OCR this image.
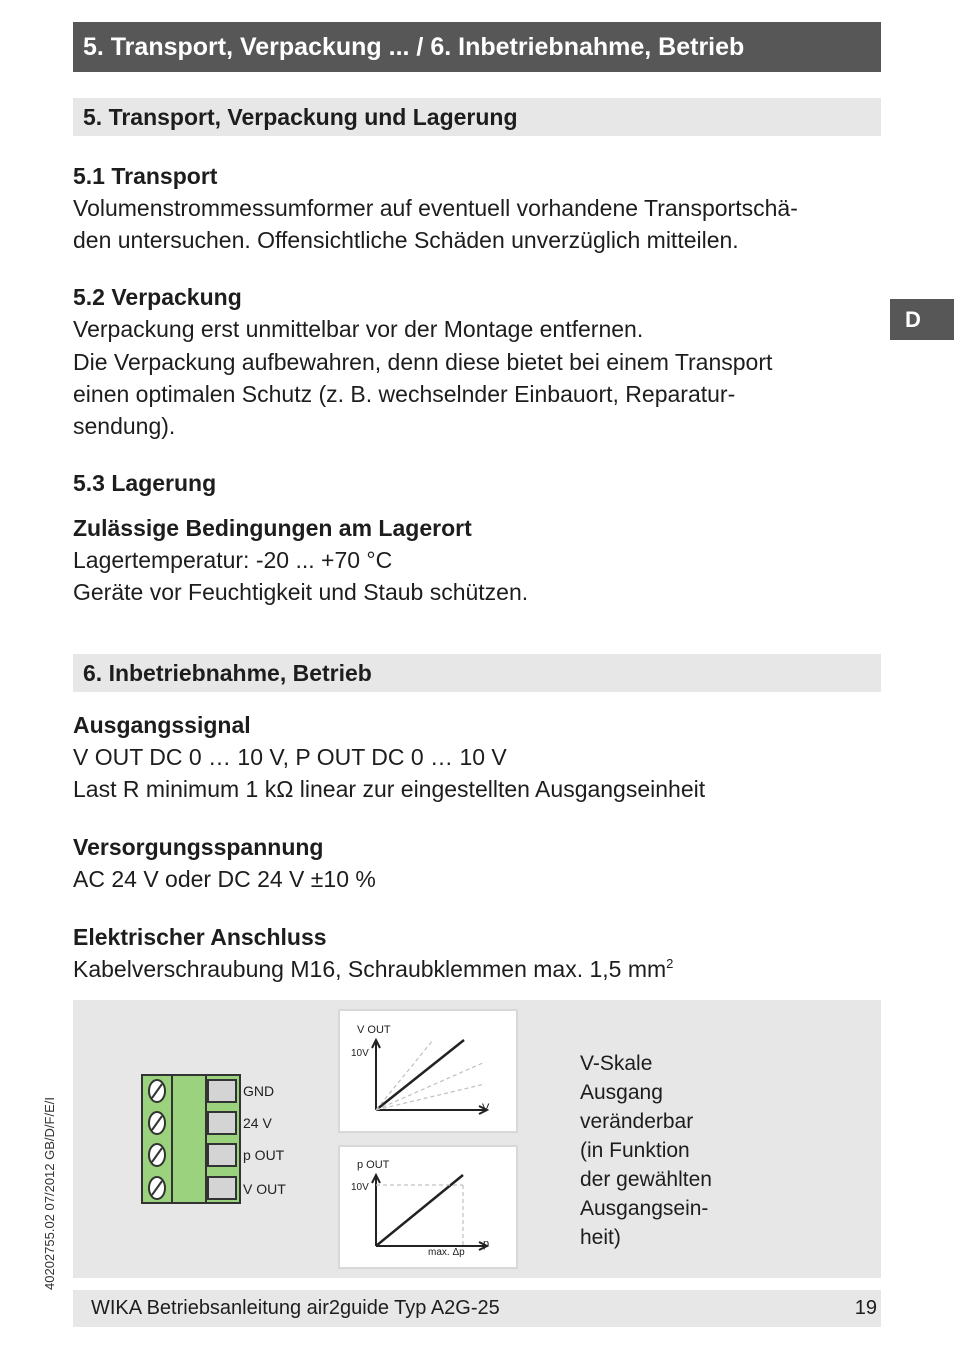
5. Transport, Verpackung ... / 6. Inbetriebnahme, Betrieb
D
40202755.02 07/2012 GB/D/F/E/I
5. Transport, Verpackung und Lagerung
5.1 Transport
Volumenstrommessumformer auf eventuell vorhandene Transportschä-
den untersuchen. Offensichtliche Schäden unverzüglich mitteilen.
5.2 Verpackung
Verpackung erst unmittelbar vor der Montage entfernen.
Die Verpackung aufbewahren, denn diese bietet bei einem Transport
einen optimalen Schutz (z. B. wechselnder Einbauort, Reparatur-
sendung).
5.3 Lagerung
Zulässige Bedingungen am Lagerort
Lagertemperatur: -20 ... +70 °C
Geräte vor Feuchtigkeit und Staub schützen.
6. Inbetriebnahme, Betrieb
Ausgangssignal
V OUT DC 0 … 10 V, P OUT DC 0 … 10 V
Last R minimum 1 kΩ linear zur eingestellten Ausgangseinheit
Versorgungsspannung
AC 24 V oder DC 24 V ±10 %
Elektrischer Anschluss
Kabelverschraubung M16, Schraubklemmen max. 1,5 $mm^2$
GND
24 V
p OUT
V OUT
V OUT
10V
V
p OUT
10V
max. Δp
p
V-Skale
Ausgang
veränderbar
(in Funktion
der gewählten
Ausgangsein-
heit)
WIKA Betriebsanleitung air2guide Typ A2G-25	19
